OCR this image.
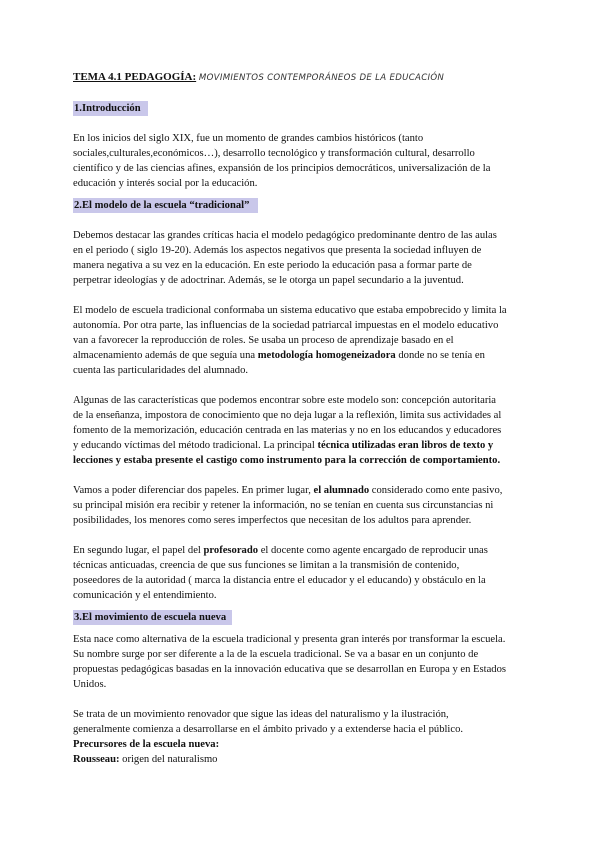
TEMA 4.1 PEDAGOGÍA: MOVIMIENTOS CONTEMPORÁNEOS DE LA EDUCACIÓN
1.Introducción
En los inicios del siglo XIX, fue un momento de grandes cambios históricos (tanto
sociales,culturales,económicos…), desarrollo tecnológico y transformación cultural, desarrollo
científico y de las ciencias afines, expansión de los principios democráticos, universalización de la
educación y interés social por la educación.
2.El modelo de la escuela “tradicional”
Debemos destacar las grandes críticas hacia el modelo pedagógico predominante dentro de las aulas
en el periodo ( siglo 19-20). Además los aspectos negativos que presenta la sociedad influyen de
manera negativa a su vez en la educación. En este periodo la educación pasa a formar parte de
perpetrar ideologías y de adoctrinar. Además, se le otorga un papel secundario a la juventud.
El modelo de escuela tradicional conformaba un sistema educativo que estaba empobrecido y limita la
autonomía. Por otra parte, las influencias de la sociedad patriarcal impuestas en el modelo educativo
van a favorecer la reproducción de roles. Se usaba un proceso de aprendizaje basado en el
almacenamiento además de que seguía una metodología homogeneizadora donde no se tenía en
cuenta las particularidades del alumnado.
Algunas de las características que podemos encontrar sobre este modelo son: concepción autoritaria
de la enseñanza, impostora de conocimiento que no deja lugar a la reflexión, limita sus actividades al
fomento de la memorización, educación centrada en las materias y no en los educandos y educadores
y educando víctimas del método tradicional. La principal técnica utilizadas eran libros de texto y
lecciones y estaba presente el castigo como instrumento para la corrección de comportamiento.
Vamos a poder diferenciar dos papeles. En primer lugar, el alumnado considerado como ente pasivo,
su principal misión era recibir y retener la información, no se tenían en cuenta sus circunstancias ni
posibilidades, los menores como seres imperfectos que necesitan de los adultos para aprender.
En segundo lugar, el papel del profesorado el docente como agente encargado de reproducir unas
técnicas anticuadas, creencia de que sus funciones se limitan a la transmisión de contenido,
poseedores de la autoridad ( marca la distancia entre el educador y el educando) y obstáculo en la
comunicación y el entendimiento.
3.El movimiento de escuela nueva
Esta nace como alternativa de la escuela tradicional y presenta gran interés por transformar la escuela.
Su nombre surge por ser diferente a la de la escuela tradicional. Se va a basar en un conjunto de
propuestas pedagógicas basadas en la innovación educativa que se desarrollan en Europa y en Estados
Unidos.
Se trata de un movimiento renovador que sigue las ideas del naturalismo y la ilustración,
generalmente comienza a desarrollarse en el ámbito privado y a extenderse hacia el público.
Precursores de la escuela nueva:
Rousseau: origen del naturalismo
